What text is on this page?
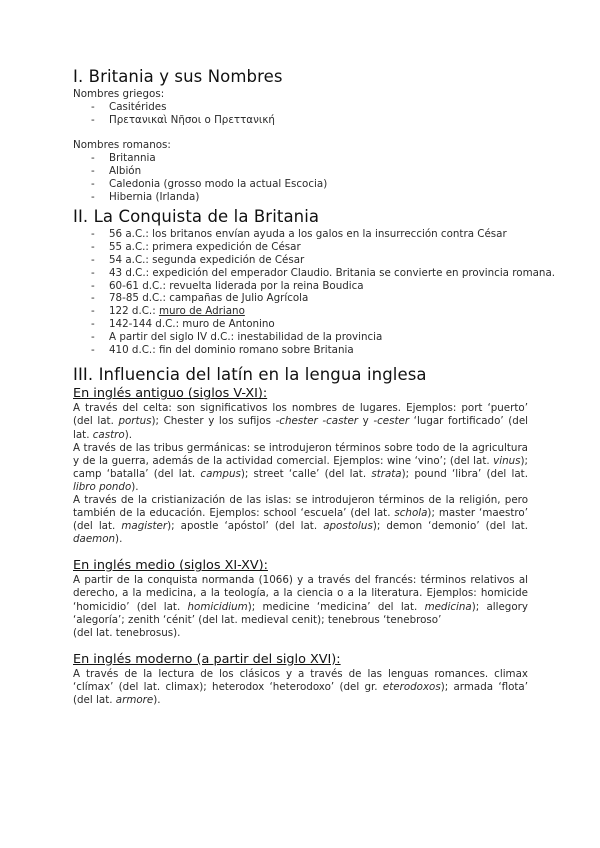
I. Britania y sus Nombres
Nombres griegos:
- Casitérides
- Πρετανικαὶ Νῆσοι o Πρεττανική
Nombres romanos:
- Britannia
- Albión
- Caledonia (grosso modo la actual Escocia)
- Hibernia (Irlanda)
II. La Conquista de la Britania
- 56 a.C.: los britanos envían ayuda a los galos en la insurrección contra César
- 55 a.C.: primera expedición de César
- 54 a.C.: segunda expedición de César
- 43 d.C.: expedición del emperador Claudio. Britania se convierte en provincia romana.
- 60-61 d.C.: revuelta liderada por la reina Boudica
- 78-85 d.C.: campañas de Julio Agrícola
- 122 d.C.: muro de Adriano
- 142-144 d.C.: muro de Antonino
- A partir del siglo IV d.C.: inestabilidad de la provincia
- 410 d.C.: fin del dominio romano sobre Britania
III. Influencia del latín en la lengua inglesa
En inglés antiguo (siglos V-XI):

A través del celta: son significativos los nombres de lugares. Ejemplos: port ‘puerto’ (del lat. portus); Chester y los sufijos -chester -caster y -cester ‘lugar fortificado’ (del lat. castro).

A través de las tribus germánicas: se introdujeron términos sobre todo de la agricultura y de la guerra, además de la actividad comercial. Ejemplos: wine ‘vino’; (del lat. vinus); camp ‘batalla’ (del lat. campus); street ‘calle’ (del lat. strata); pound ‘libra’ (del lat. libro pondo).

A través de la cristianización de las islas: se introdujeron términos de la religión, pero también de la educación. Ejemplos: school ‘escuela’ (del lat. schola); master ‘maestro’ (del lat. magister); apostle ‘apóstol’ (del lat. apostolus); demon ‘demonio’ (del lat. daemon).

En inglés medio (siglos XI-XV):

A partir de la conquista normanda (1066) y a través del francés: términos relativos al derecho, a la medicina, a la teología, a la ciencia o a la literatura. Ejemplos: homicide ‘homicidio’ (del lat. homicidium); medicine ‘medicina’ del lat. medicina); allegory ‘alegoría’; zenith ‘cénit’ (del lat. medieval cenit); tenebrous ‘tenebroso’

(del lat. tenebrosus).

En inglés moderno (a partir del siglo XVI):

A través de la lectura de los clásicos y a través de las lenguas romances. climax ‘clímax’ (del lat. climax); heterodox ‘heterodoxo’ (del gr. eterodoxos); armada ‘flota’ (del lat. armore).
